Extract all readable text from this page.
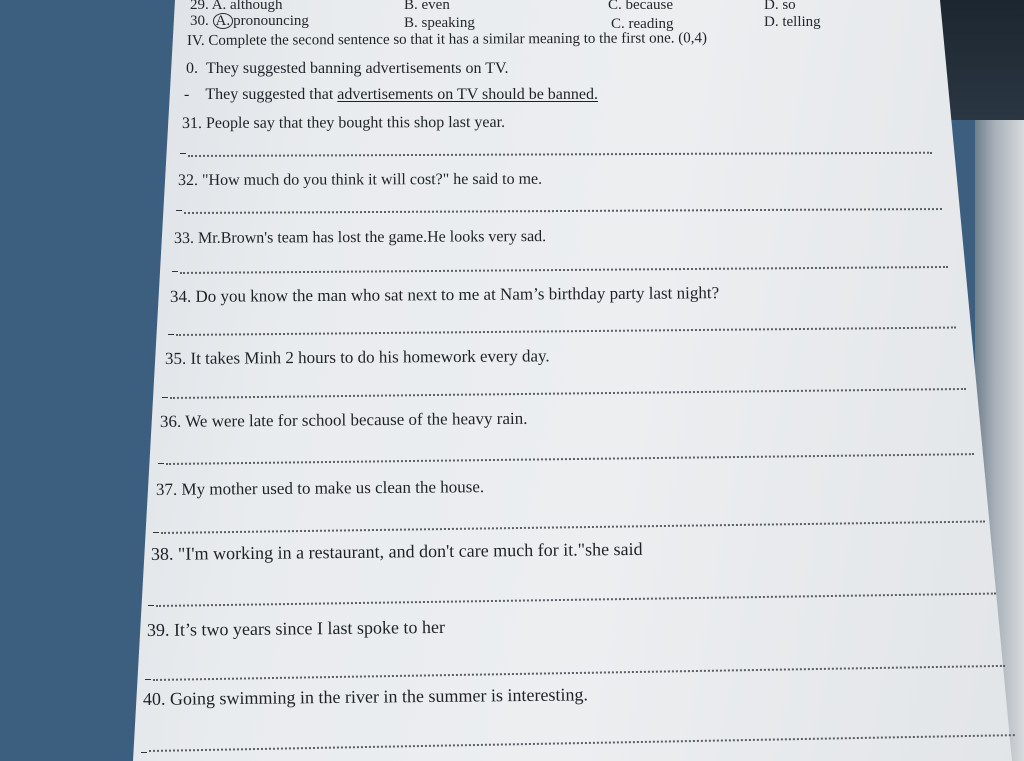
29. A. although	B. even	C. because	D. so
30. A. pronouncing	B. speaking	C. reading	D. telling
IV. Complete the second sentence so that it has a similar meaning to the first one. (0,4)
0. They suggested banning advertisements on TV.
- They suggested that advertisements on TV should be banned.
31. People say that they bought this shop last year.
32. "How much do you think it will cost?" he said to me.
33. Mr.Brown's team has lost the game.He looks very sad.
34. Do you know the man who sat next to me at Nam’s birthday party last night?
35. It takes Minh 2 hours to do his homework every day.
36. We were late for school because of the heavy rain.
37. My mother used to make us clean the house.
38. "I'm working in a restaurant, and don't care much for it."she said
39. It’s two years since I last spoke to her
40. Going swimming in the river in the summer is interesting.
